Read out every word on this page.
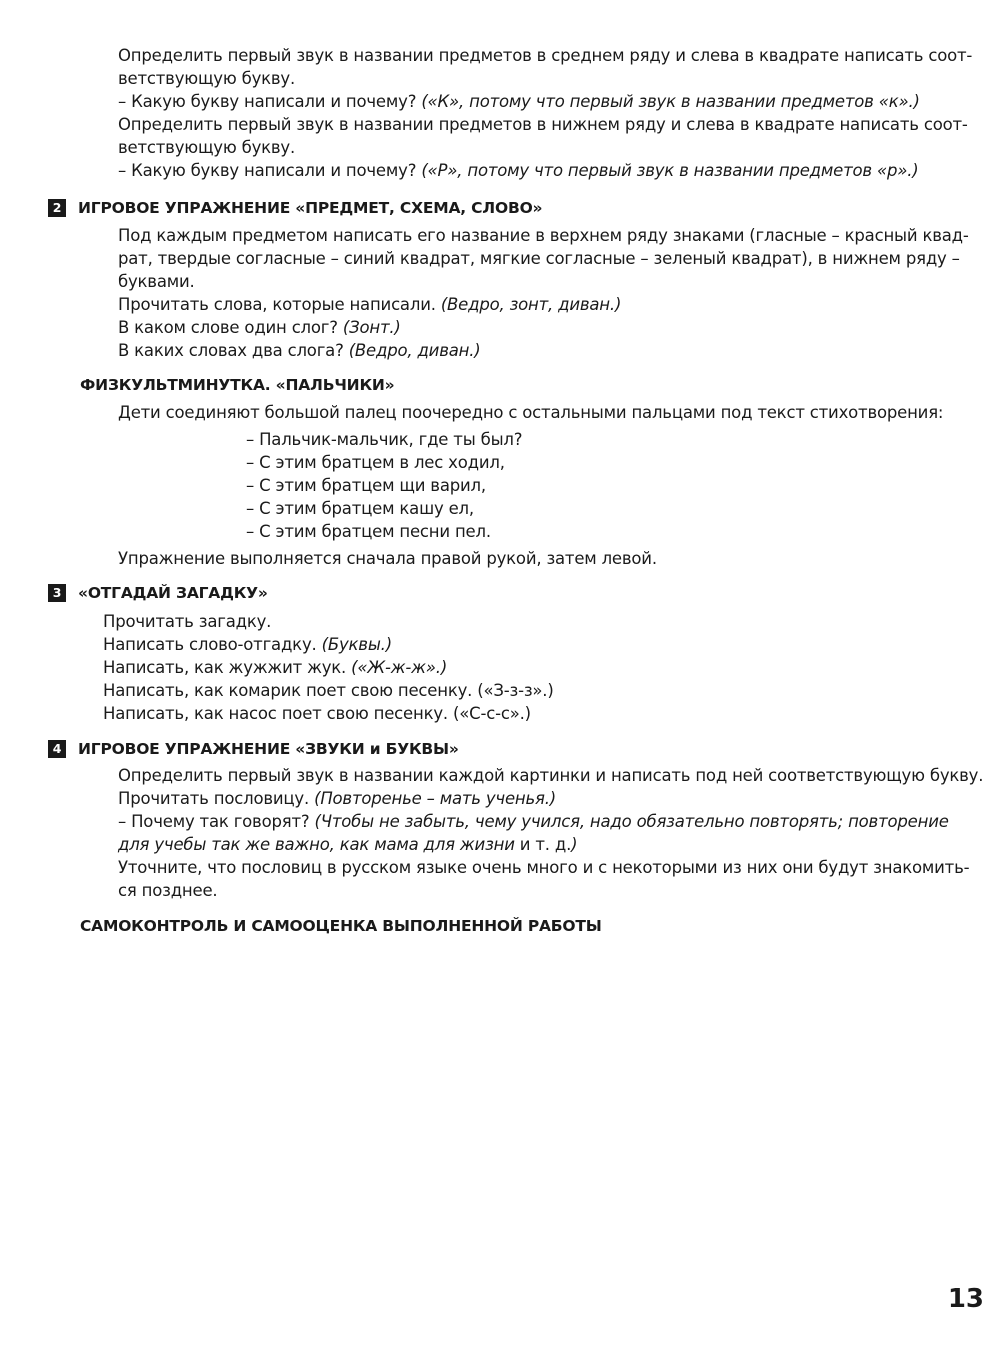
Определить первый звук в названии предметов в среднем ряду и слева в квадрате написать соот-
ветствующую букву.
– Какую букву написали и почему? («К», потому что первый звук в названии предметов «к».)
Определить первый звук в названии предметов в нижнем ряду и слева в квадрате написать соот-
ветствующую букву.
– Какую букву написали и почему? («Р», потому что первый звук в названии предметов «р».)
2 ИГРОВОЕ УПРАЖНЕНИЕ «ПРЕДМЕТ, СХЕМА, СЛОВО»
Под каждым предметом написать его название в верхнем ряду знаками (гласные – красный квад-
рат, твердые согласные – синий квадрат, мягкие согласные – зеленый квадрат), в нижнем ряду –
буквами.
Прочитать слова, которые написали. (Ведро, зонт, диван.)
В каком слове один слог? (Зонт.)
В каких словах два слога? (Ведро, диван.)
ФИЗКУЛЬТМИНУТКА. «ПАЛЬЧИКИ»
Дети соединяют большой палец поочередно с остальными пальцами под текст стихотворения:
– Пальчик-мальчик, где ты был?
– С этим братцем в лес ходил,
– С этим братцем щи варил,
– С этим братцем кашу ел,
– С этим братцем песни пел.
Упражнение выполняется сначала правой рукой, затем левой.
3 «ОТГАДАЙ ЗАГАДКУ»
Прочитать загадку.
Написать слово-отгадку. (Буквы.)
Написать, как жужжит жук. («Ж-ж-ж».)
Написать, как комарик поет свою песенку. («З-з-з».)
Написать, как насос поет свою песенку. («С-с-с».)
4 ИГРОВОЕ УПРАЖНЕНИЕ «ЗВУКИ и БУКВЫ»
Определить первый звук в названии каждой картинки и написать под ней соответствующую букву.
Прочитать пословицу. (Повторенье – мать ученья.)
– Почему так говорят? (Чтобы не забыть, чему учился, надо обязательно повторять; повторение
для учебы так же важно, как мама для жизни и т. д.)
Уточните, что пословиц в русском языке очень много и с некоторыми из них они будут знакомить-
ся позднее.
САМОКОНТРОЛЬ И САМООЦЕНКА ВЫПОЛНЕННОЙ РАБОТЫ
13
